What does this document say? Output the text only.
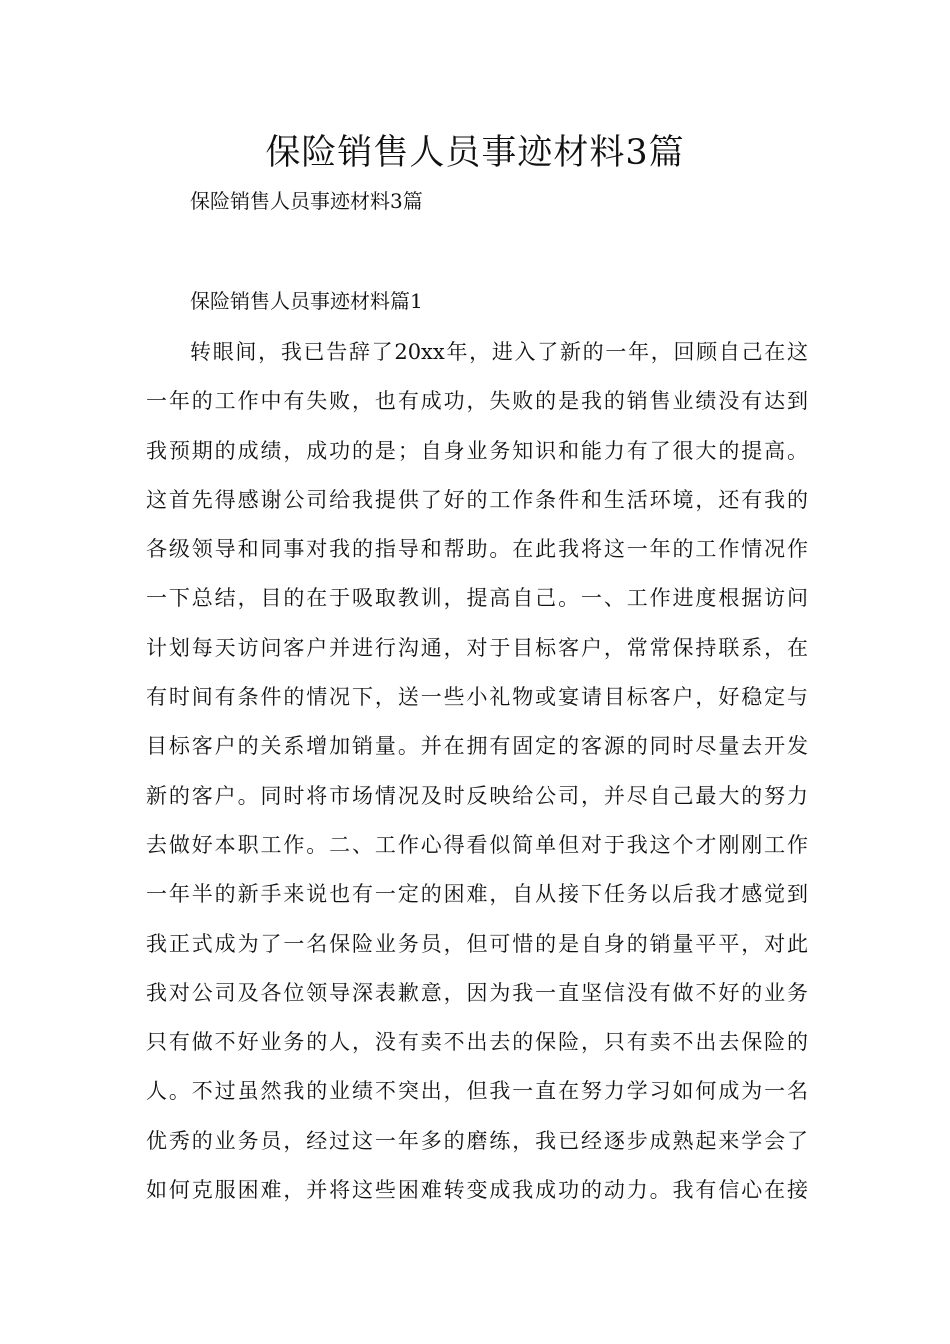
保险销售人员事迹材料3篇

保险销售人员事迹材料3篇

保险销售人员事迹材料篇1

转眼间，我已告辞了20xx年，进入了新的一年，回顾自己在这
一年的工作中有失败，也有成功，失败的是我的销售业绩没有达到
我预期的成绩，成功的是；自身业务知识和能力有了很大的提高。
这首先得感谢公司给我提供了好的工作条件和生活环境，还有我的
各级领导和同事对我的指导和帮助。在此我将这一年的工作情况作
一下总结，目的在于吸取教训，提高自己。一、工作进度根据访问
计划每天访问客户并进行沟通，对于目标客户，常常保持联系，在
有时间有条件的情况下，送一些小礼物或宴请目标客户，好稳定与
目标客户的关系增加销量。并在拥有固定的客源的同时尽量去开发
新的客户。同时将市场情况及时反映给公司，并尽自己最大的努力
去做好本职工作。二、工作心得看似简单但对于我这个才刚刚工作
一年半的新手来说也有一定的困难，自从接下任务以后我才感觉到
我正式成为了一名保险业务员，但可惜的是自身的销量平平，对此
我对公司及各位领导深表歉意，因为我一直坚信没有做不好的业务
只有做不好业务的人，没有卖不出去的保险，只有卖不出去保险的
人。不过虽然我的业绩不突出，但我一直在努力学习如何成为一名
优秀的业务员，经过这一年多的磨练，我已经逐步成熟起来学会了
如何克服困难，并将这些困难转变成我成功的动力。我有信心在接
